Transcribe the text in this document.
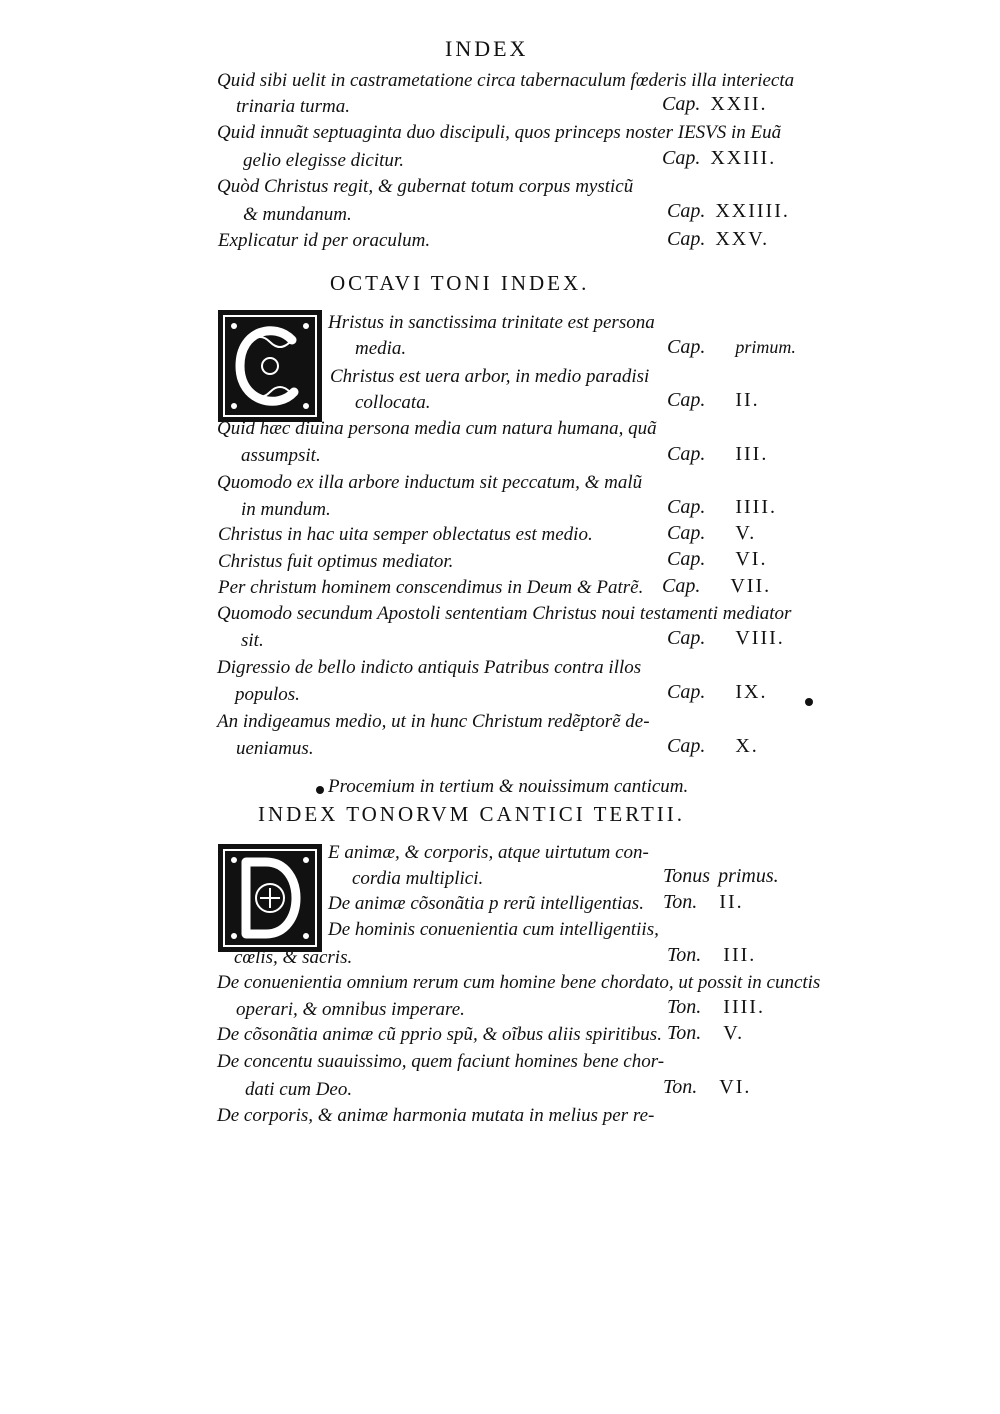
INDEX
Quid sibi uelit in castrametatione circa tabernaculum fœderis illa interiecta
trinaria turma.	Cap. XXII.
Quid innuãt septuaginta duo discipuli, quos princeps noster IESVS in Euã
gelio elegisse dicitur.	Cap. XXIII.
Quòd Christus regit, & gubernat totum corpus mysticũ
& mundanum.	Cap. XXIIII.
Explicatur id per oraculum.	Cap. XXV.
OCTAVI TONI INDEX.
Hristus in sanctissima trinitate est persona
media.	Cap. primum.
Christus est uera arbor, in medio paradisi
collocata.	Cap. II.
Quid hæc diuina persona media cum natura humana, quã
assumpsit.	Cap. III.
Quomodo ex illa arbore inductum sit peccatum, & malũ
in mundum.	Cap. IIII.
Christus in hac uita semper oblectatus est medio.	Cap. V.
Christus fuit optimus mediator.	Cap. VI.
Per christum hominem conscendimus in Deum & Patrẽ. Cap. VII.
Quomodo secundum Apostoli sententiam Christus noui testamenti mediator
sit.	Cap. VIII.
Digressio de bello indicto antiquis Patribus contra illos
populos.	Cap. IX.
An indigeamus medio, ut in hunc Christum redẽptorẽ de-
ueniamus.	Cap. X.
Procemium in tertium & nouissimum canticum.
INDEX TONORVM CANTICI TERTII.
E animæ, & corporis, atque uirtutum con-
cordia multiplici.	Tonus primus.
De animæ cõsonãtia p rerũ intelligentias. Ton. II.
De hominis conuenientia cum intelligentiis,
cœlis, & sacris.	Ton. III.
De conuenientia omnium rerum cum homine bene chordato, ut possit in cunctis
operari, & omnibus imperare.	Ton. IIII.
De cõsonãtia animæ cũ pprio spũ, & oĩbus aliis spiritibus. Ton. V.
De concentu suauissimo, quem faciunt homines bene chor-
dati cum Deo.	Ton. VI.
De corporis, & animæ harmonia mutata in melius per re-
